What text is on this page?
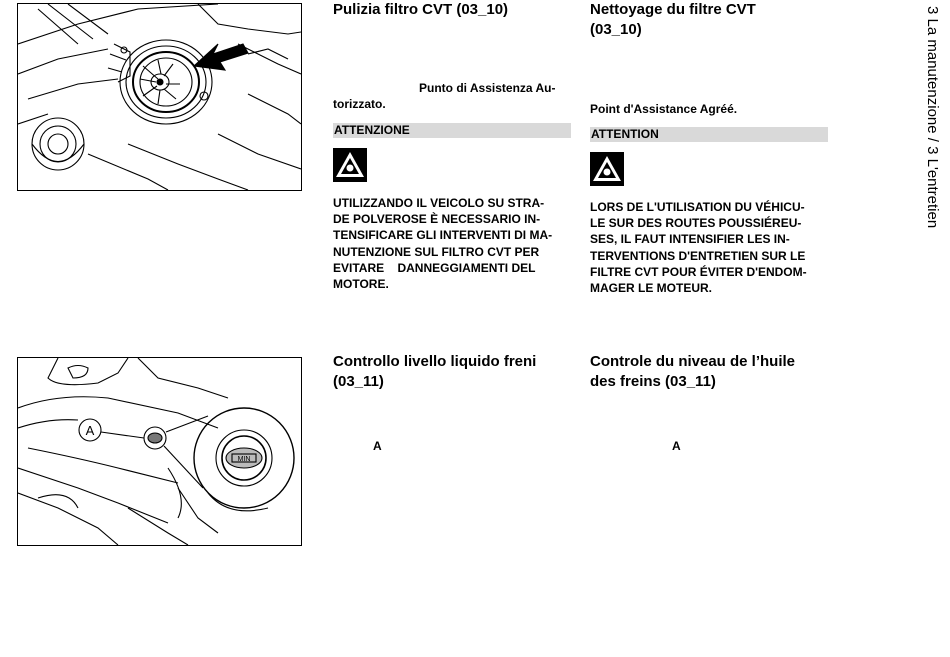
A
MIN
Pulizia filtro CVT (03_10)
Punto di Assistenza Au-
torizzato.
ATTENZIONE
UTILIZZANDO IL VEICOLO SU STRA-
DE POLVEROSE È NECESSARIO IN-
TENSIFICARE GLI INTERVENTI DI MA-
NUTENZIONE SUL FILTRO CVT PER
EVITARE    DANNEGGIAMENTI DEL
MOTORE.
Nettoyage du filtre CVT
(03_10)
Point d'Assistance Agréé.
ATTENTION
LORS DE L'UTILISATION DU VÉHICU-
LE SUR DES ROUTES POUSSIÉREU-
SES, IL FAUT INTENSIFIER LES IN-
TERVENTIONS D'ENTRETIEN SUR LE
FILTRE CVT POUR ÉVITER D'ENDOM-
MAGER LE MOTEUR.
Controllo livello liquido freni
(03_11)
A
Controle du niveau de l’huile
des freins (03_11)
A
3 La manutenzione / 3 L'entretien
